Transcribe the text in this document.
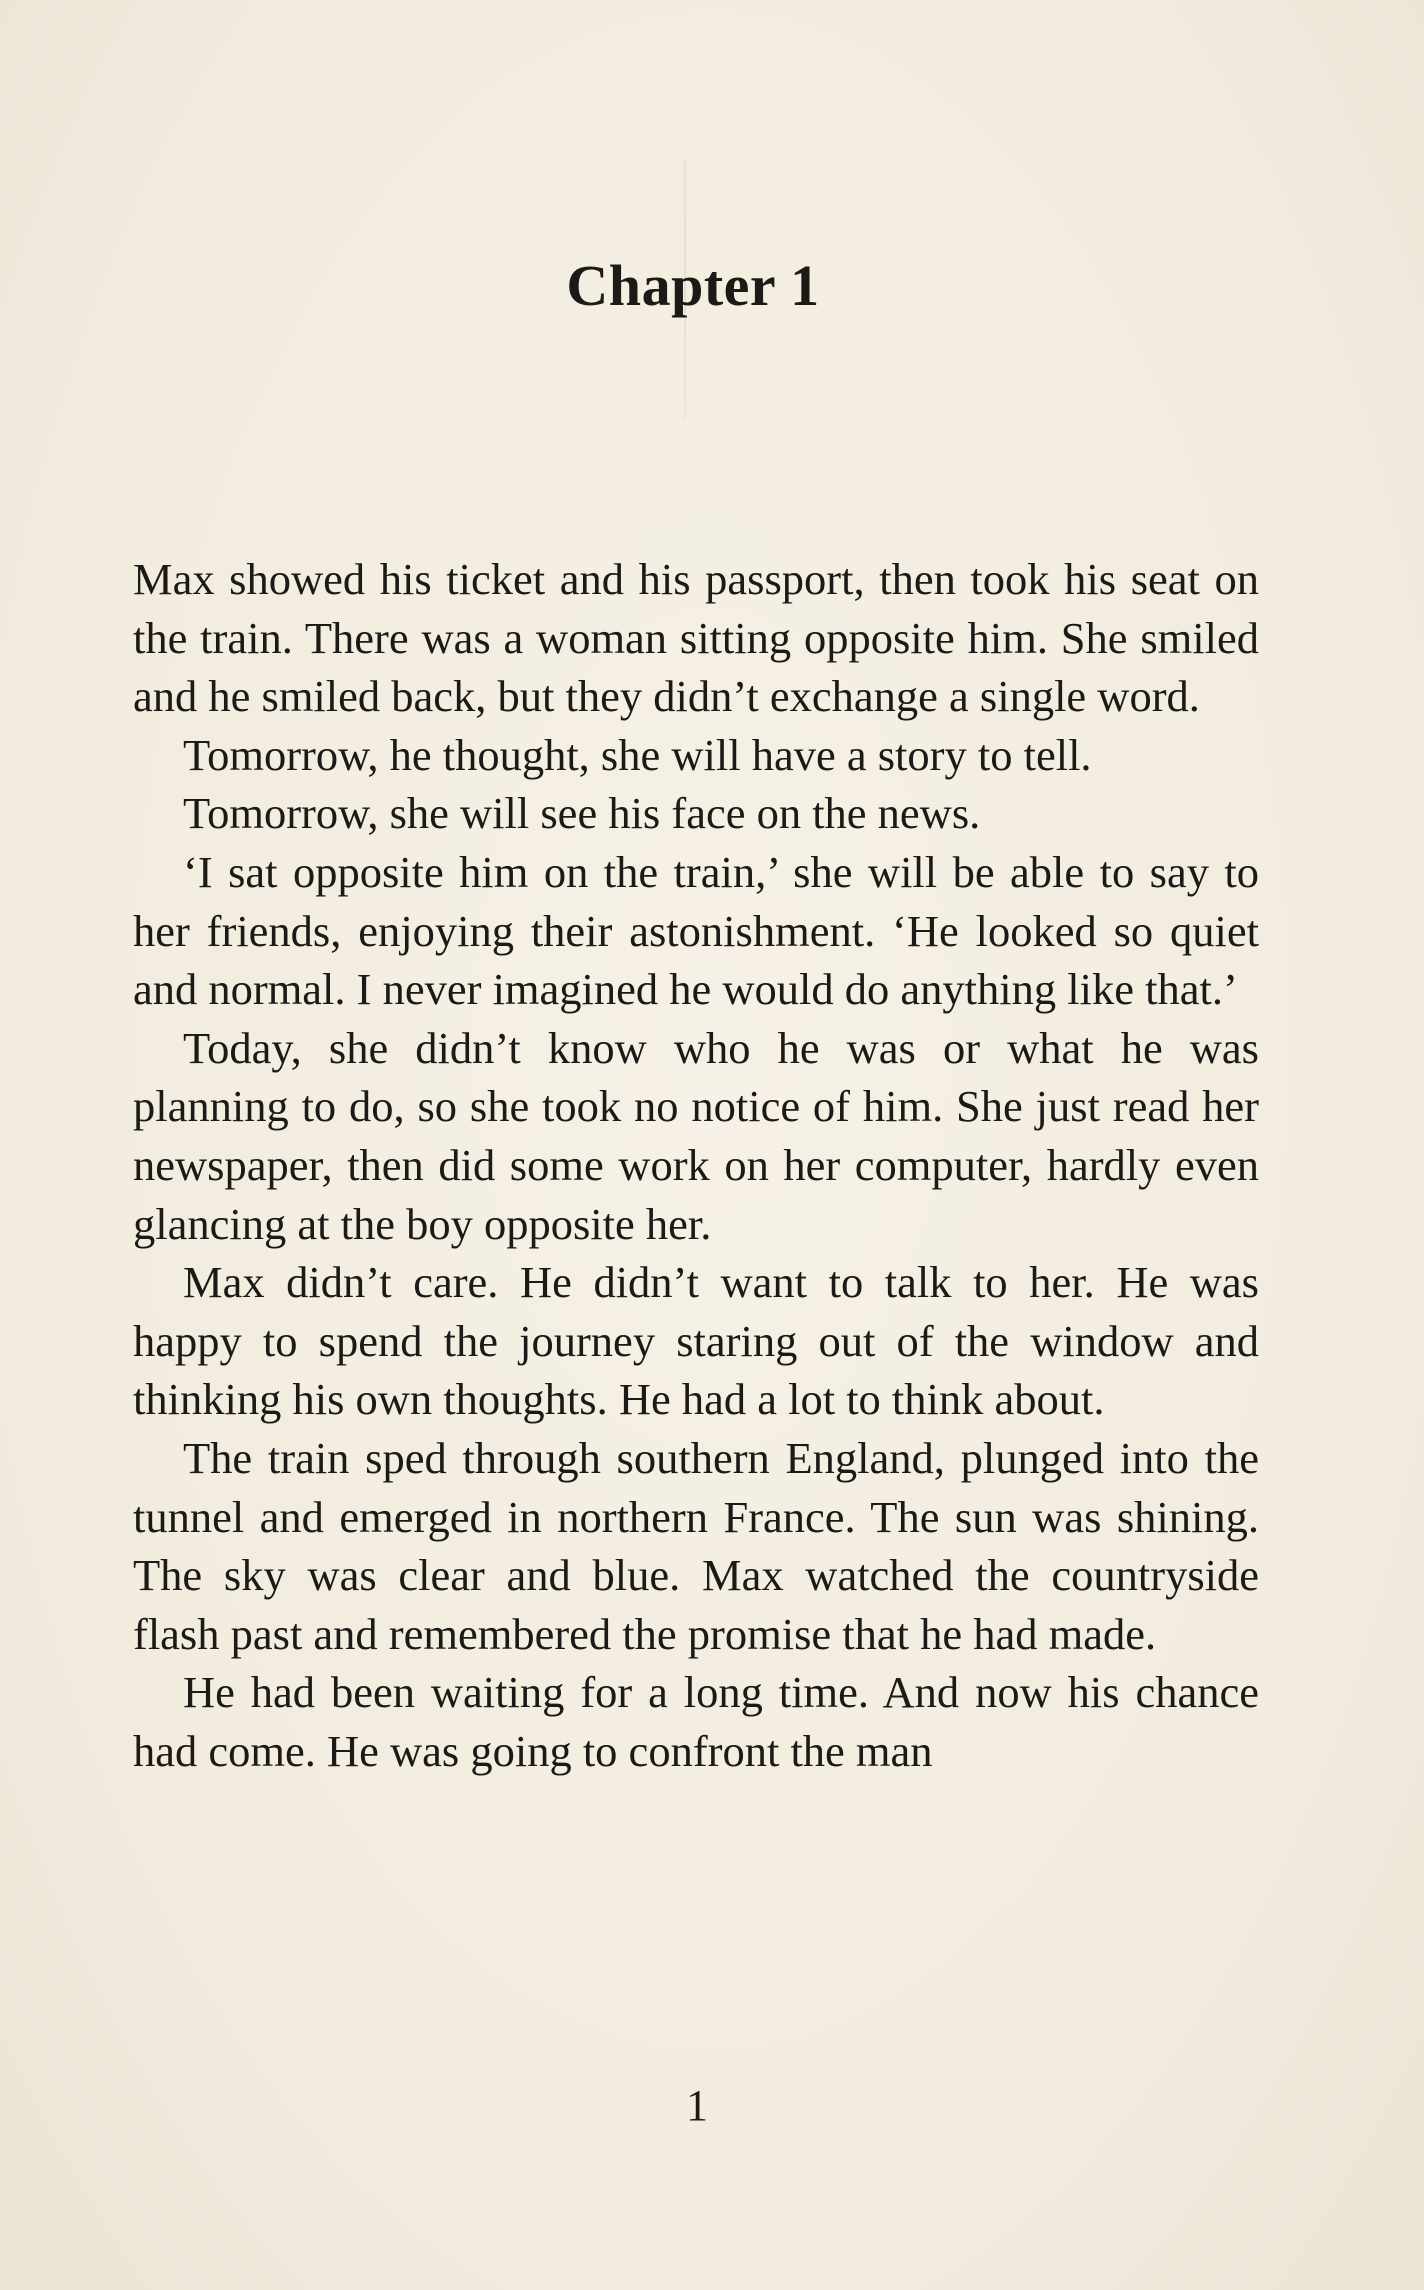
Chapter 1

Max showed his ticket and his passport, then took his seat on the train. There was a woman sitting opposite him. She smiled and he smiled back, but they didn’t exchange a single word.

Tomorrow, he thought, she will have a story to tell.

Tomorrow, she will see his face on the news.

‘I sat opposite him on the train,’ she will be able to say to her friends, enjoying their astonishment. ‘He looked so quiet and normal. I never imagined he would do anything like that.’

Today, she didn’t know who he was or what he was planning to do, so she took no notice of him. She just read her newspaper, then did some work on her computer, hardly even glancing at the boy opposite her.

Max didn’t care. He didn’t want to talk to her. He was happy to spend the journey staring out of the window and thinking his own thoughts. He had a lot to think about.

The train sped through southern England, plunged into the tunnel and emerged in northern France. The sun was shining. The sky was clear and blue. Max watched the countryside flash past and remembered the promise that he had made.

He had been waiting for a long time. And now his chance had come. He was going to confront the man

1
